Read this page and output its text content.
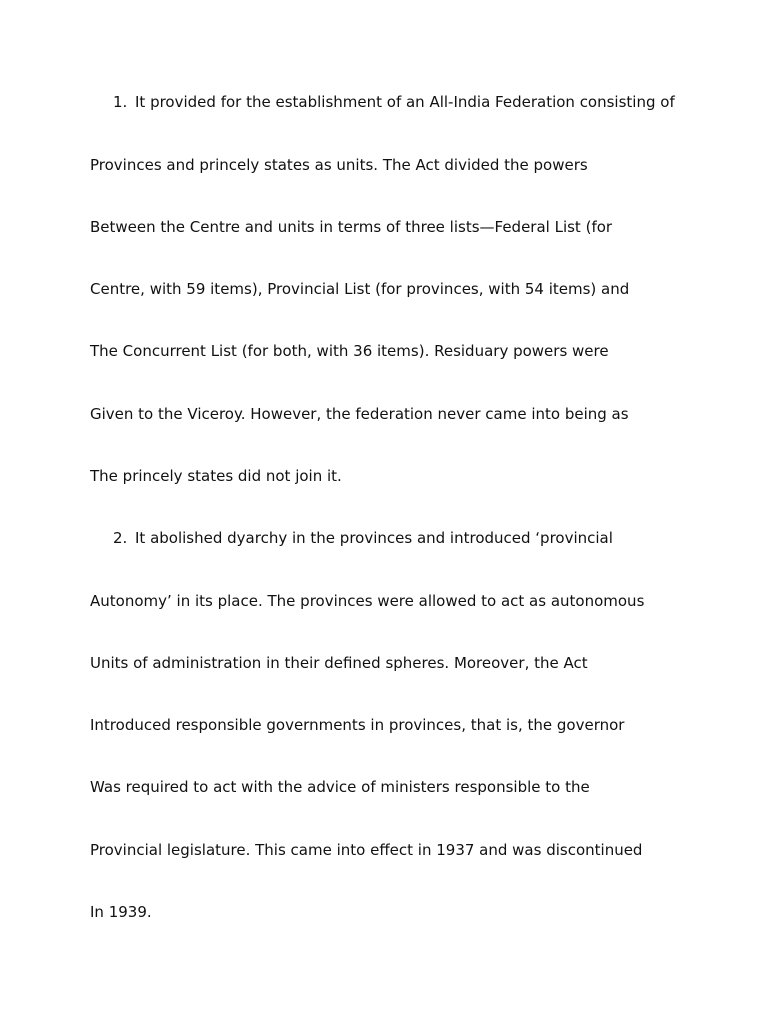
1. It provided for the establishment of an All-India Federation consisting of
Provinces and princely states as units. The Act divided the powers
Between the Centre and units in terms of three lists—Federal List (for
Centre, with 59 items), Provincial List (for provinces, with 54 items) and
The Concurrent List (for both, with 36 items). Residuary powers were
Given to the Viceroy. However, the federation never came into being as
The princely states did not join it.
2. It abolished dyarchy in the provinces and introduced ‘provincial
Autonomy’ in its place. The provinces were allowed to act as autonomous
Units of administration in their defined spheres. Moreover, the Act
Introduced responsible governments in provinces, that is, the governor
Was required to act with the advice of ministers responsible to the
Provincial legislature. This came into effect in 1937 and was discontinued
In 1939.
